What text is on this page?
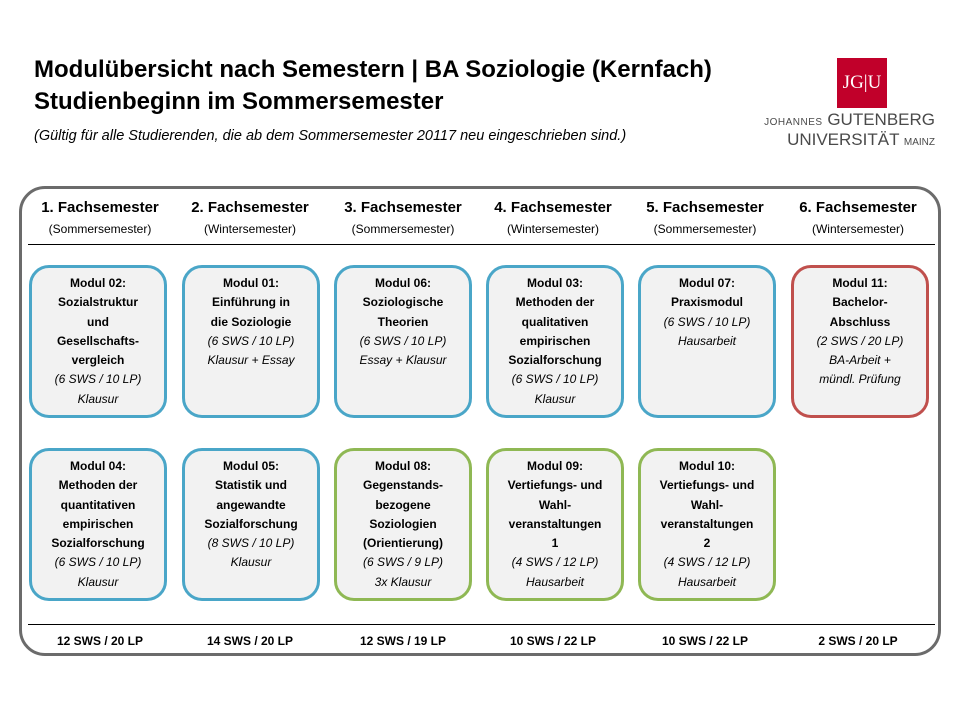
Modulübersicht nach Semestern | BA Soziologie (Kernfach)
Studienbeginn im Sommersemester
(Gültig für alle Studierenden, die ab dem Sommersemester 20117 neu eingeschrieben sind.)
JG|U
JOHANNES GUTENBERG
UNIVERSITÄT MAINZ
1. Fachsemester
(Sommersemester)
2. Fachsemester
(Wintersemester)
3. Fachsemester
(Sommersemester)
4. Fachsemester
(Wintersemester)
5. Fachsemester
(Sommersemester)
6. Fachsemester
(Wintersemester)
Modul 02:
Sozialstruktur
und
Gesellschafts-
vergleich
(6 SWS / 10 LP)
Klausur
Modul 01:
Einführung in
die Soziologie
(6 SWS / 10 LP)
Klausur + Essay
Modul 06:
Soziologische
Theorien
(6 SWS / 10 LP)
Essay + Klausur
Modul 03:
Methoden der
qualitativen
empirischen
Sozialforschung
(6 SWS / 10 LP)
Klausur
Modul 07:
Praxismodul
(6 SWS / 10 LP)
Hausarbeit
Modul 11:
Bachelor-
Abschluss
(2 SWS / 20 LP)
BA-Arbeit +
mündl. Prüfung
Modul 04:
Methoden der
quantitativen
empirischen
Sozialforschung
(6 SWS / 10 LP)
Klausur
Modul 05:
Statistik und
angewandte
Sozialforschung
(8 SWS / 10 LP)
Klausur
Modul 08:
Gegenstands-
bezogene
Soziologien
(Orientierung)
(6 SWS / 9 LP)
3x Klausur
Modul 09:
Vertiefungs- und
Wahl-
veranstaltungen
1
(4 SWS / 12 LP)
Hausarbeit
Modul 10:
Vertiefungs- und
Wahl-
veranstaltungen
2
(4 SWS / 12 LP)
Hausarbeit
12 SWS / 20 LP	14 SWS / 20 LP	12 SWS / 19 LP	10 SWS / 22 LP	10 SWS / 22 LP	2 SWS / 20 LP
